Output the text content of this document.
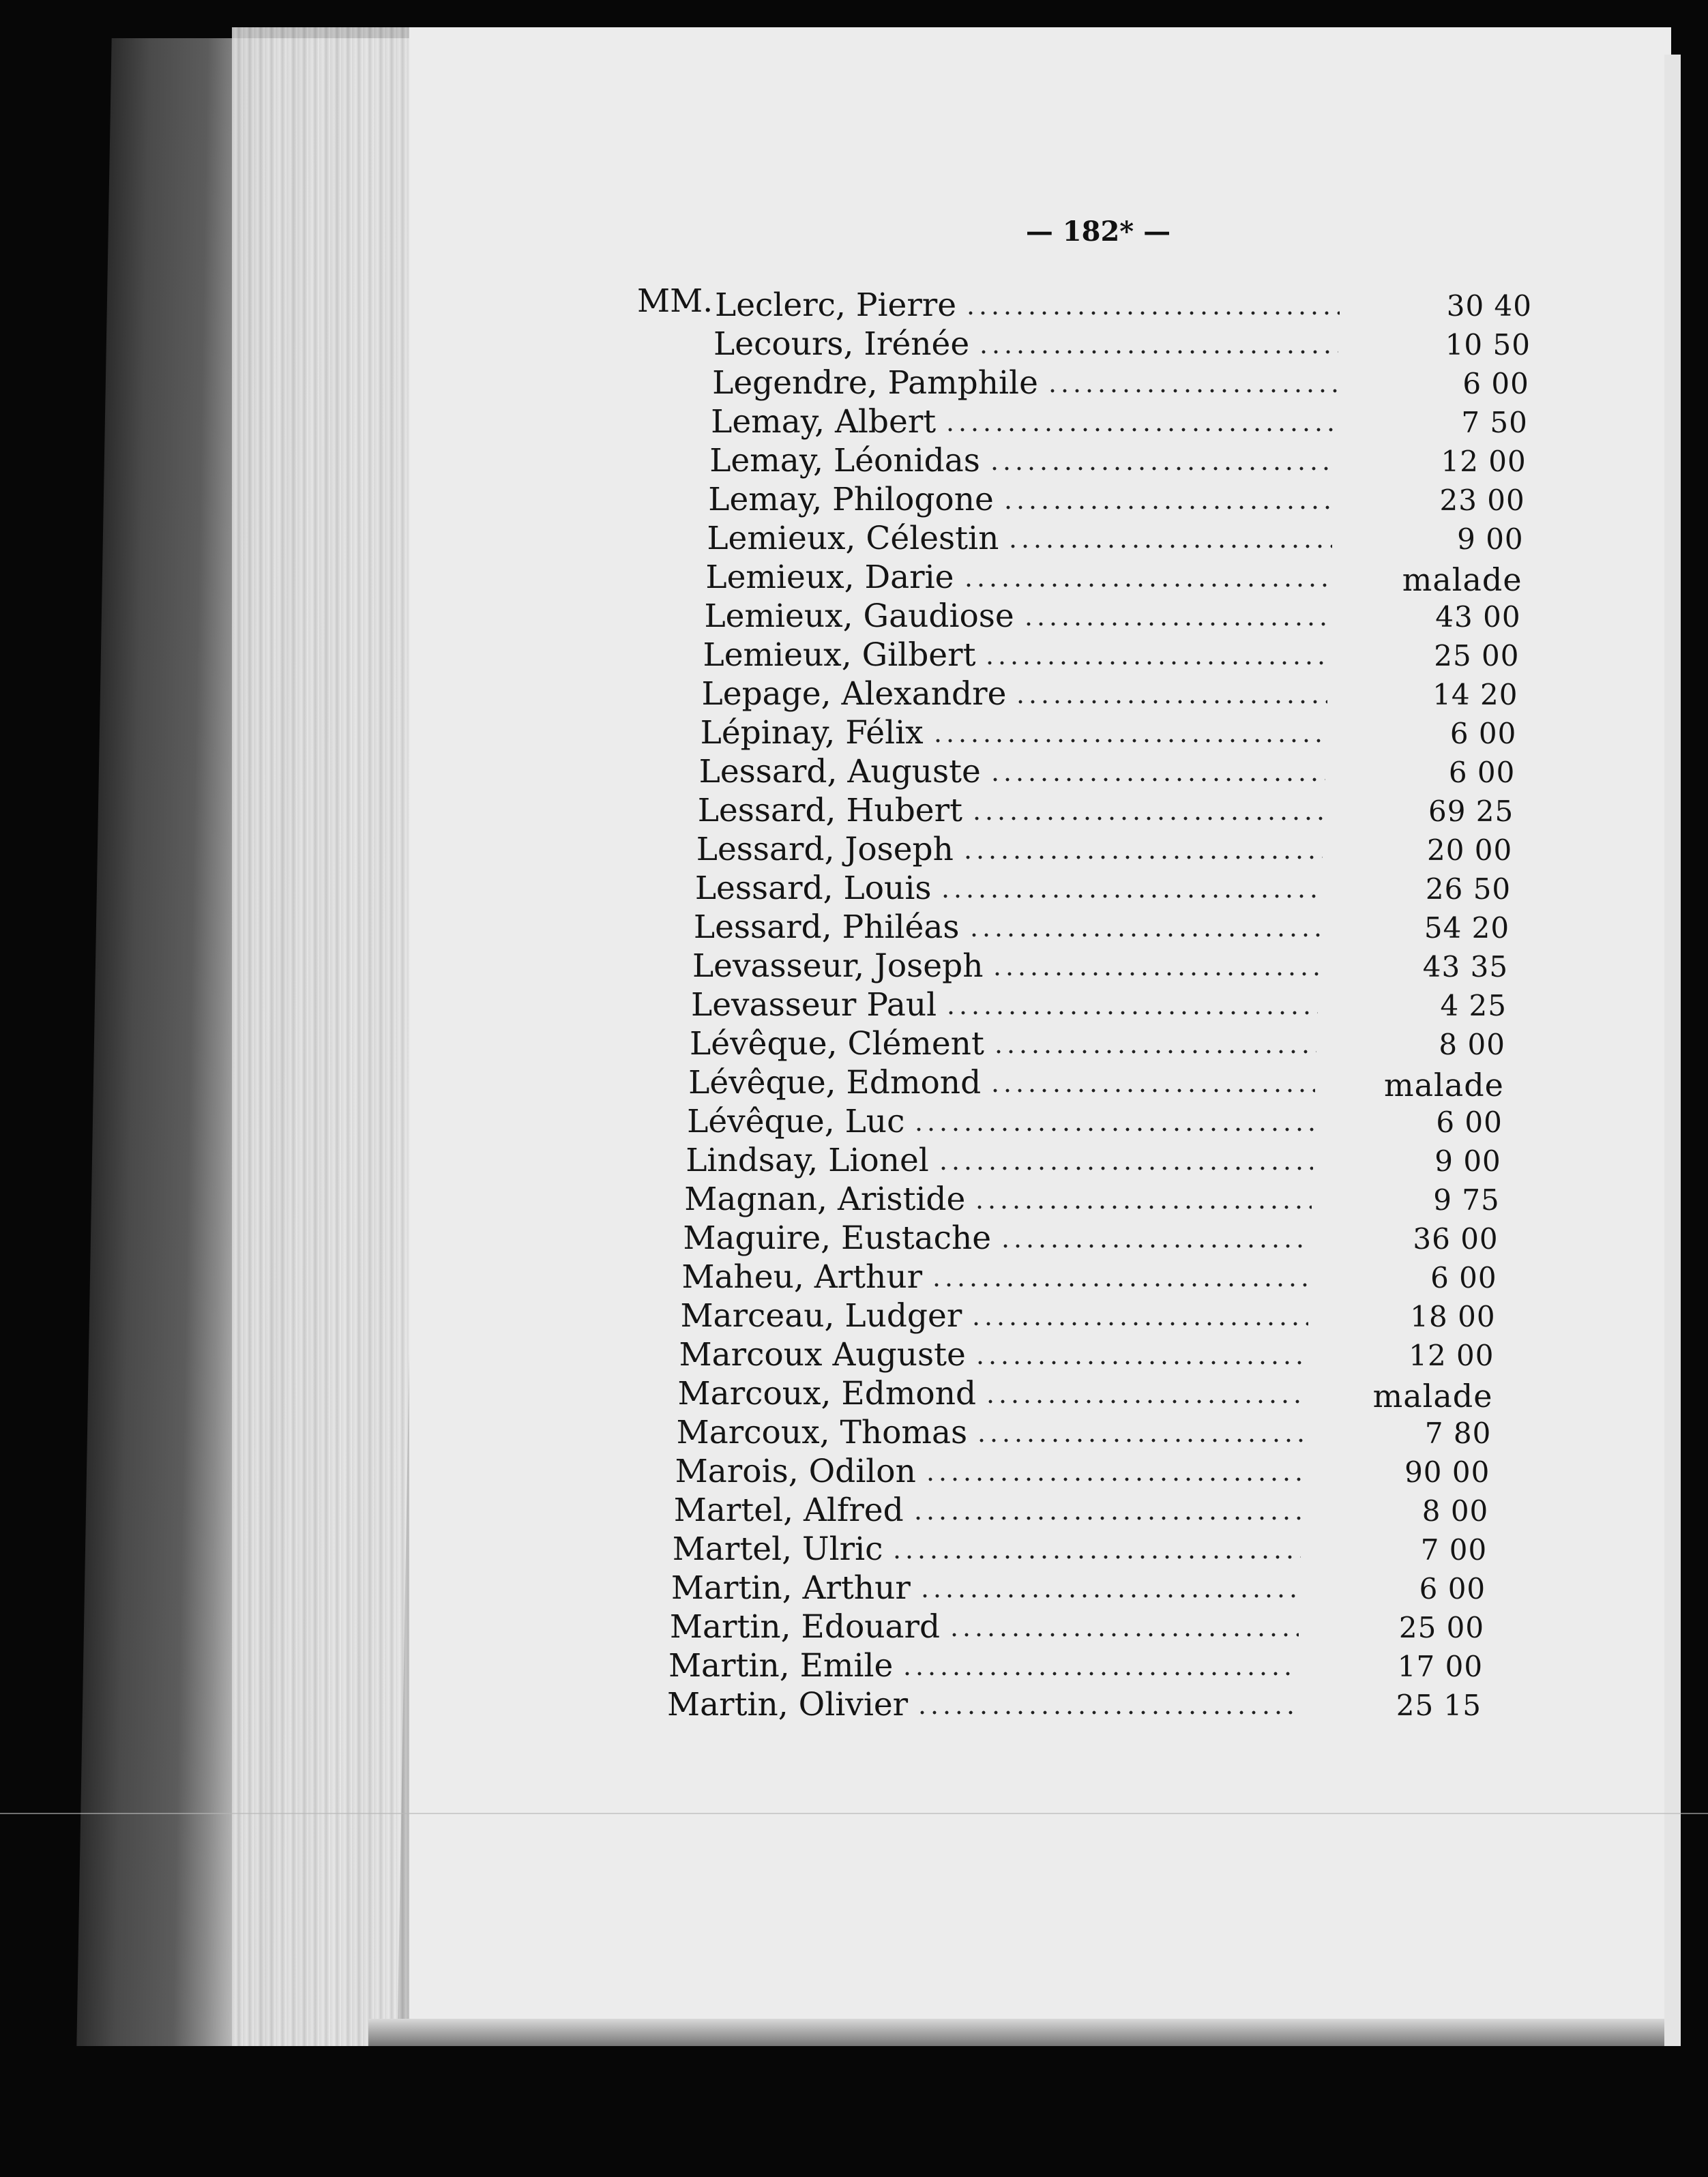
— 182* —
MM. Leclerc, Pierre	30 40
Lecours, Irénée	10 50
Legendre, Pamphile	6 00
Lemay, Albert	7 50
Lemay, Léonidas	12 00
Lemay, Philogone	23 00
Lemieux, Célestin	9 00
Lemieux, Darie	malade
Lemieux, Gaudiose	43 00
Lemieux, Gilbert	25 00
Lepage, Alexandre	14 20
Lépinay, Félix	6 00
Lessard, Auguste	6 00
Lessard, Hubert	69 25
Lessard, Joseph	20 00
Lessard, Louis	26 50
Lessard, Philéas	54 20
Levasseur, Joseph	43 35
Levasseur Paul	4 25
Lévêque, Clément	8 00
Lévêque, Edmond	malade
Lévêque, Luc	6 00
Lindsay, Lionel	9 00
Magnan, Aristide	9 75
Maguire, Eustache	36 00
Maheu, Arthur	6 00
Marceau, Ludger	18 00
Marcoux Auguste	12 00
Marcoux, Edmond	malade
Marcoux, Thomas	7 80
Marois, Odilon	90 00
Martel, Alfred	8 00
Martel, Ulric	7 00
Martin, Arthur	6 00
Martin, Edouard	25 00
Martin, Emile	17 00
Martin, Olivier	25 15
